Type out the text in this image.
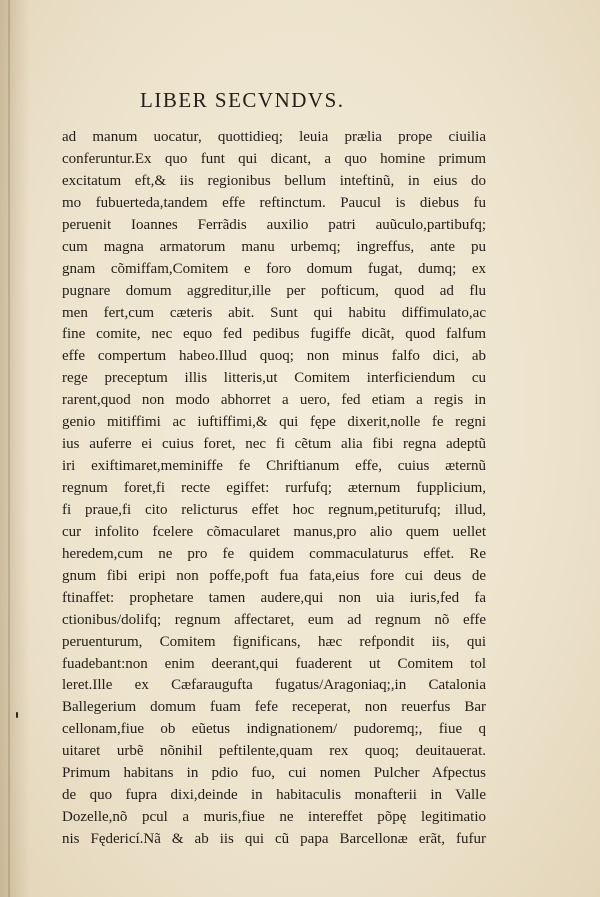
LIBER SECVNDVS.
ad manum uocatur, quottidieq; leuia prælia prope ciuilia
conferuntur.Ex quo funt qui dicant, a quo homine primum
excitatum eft,& iis regionibus bellum inteftinũ, in eius do
mo fubuerteda,tandem effe reftinctum. Paucul is diebus fu
peruenit Ioannes Ferrãdis auxilio patri auũculo,partibufq;
cum magna armatorum manu urbemq; ingreffus, ante pu
gnam cõmiffam,Comitem e foro domum fugat, dumq; ex
pugnare domum aggreditur,ille per pofticum, quod ad flu
men fert,cum cæteris abit. Sunt qui habitu diffimulato,ac
fine comite, nec equo fed pedibus fugiffe dicãt, quod falfum
effe compertum habeo.Illud quoq; non minus falfo dici, ab
rege preceptum illis litteris,ut Comitem interficiendum cu
rarent,quod non modo abhorret a uero, fed etiam a regis in
genio mitiffimi ac iuftiffimi,& qui fępe dixerit,nolle fe regni
ius auferre ei cuius foret, nec fi cẽtum alia fibi regna adeptũ
iri exiftimaret,meminiffe fe Chriftianum effe, cuius æternũ
regnum foret,fi recte egiffet: rurfufq; æternum fupplicium,
fi praue,fi cito relicturus effet hoc regnum,petiturufq; illud,
cur infolito fcelere cõmacularet manus,pro alio quem uellet
heredem,cum ne pro fe quidem commaculaturus effet. Re
gnum fibi eripi non poffe,poft fua fata,eius fore cui deus de
ftinaffet: prophetare tamen audere,qui non uia iuris,fed fa
ctionibus/dolifq; regnum affectaret, eum ad regnum nõ effe
peruenturum, Comitem fignificans, hæc refpondit iis, qui
fuadebant:non enim deerant,qui fuaderent ut Comitem tol
leret.Ille ex Cæfaraugufta fugatus/Aragoniaq;,in Catalonia
Ballegerium domum fuam fefe receperat, non reuerfus Bar
cellonam,fiue ob eũetus indignationem/ pudoremq;, fiue q
uitaret urbẽ nõnihil peftilente,quam rex quoq; deuitauerat.
Primum habitans in pdio fuo, cui nomen Pulcher Afpectus
de quo fupra dixi,deinde in habitaculis monafterii in Valle
Dozelle,nõ pcul a muris,fiue ne intereffet põpę legitimatio
nis Fędericí.Nã & ab iis qui cũ papa Barcellonæ erãt, fufur
